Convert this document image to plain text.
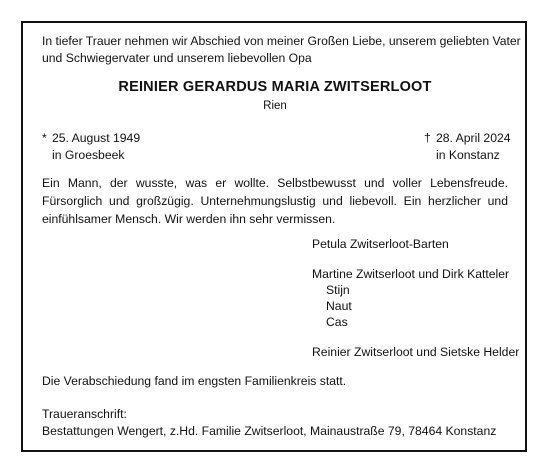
In tiefer Trauer nehmen wir Abschied von meiner Großen Liebe, unserem geliebten Vater
und Schwiegervater und unserem liebevollen Opa
REINIER GERARDUS MARIA ZWITSERLOOT
Rien
* 25. August 1949
in Groesbeek
† 28. April 2024
in Konstanz
Ein Mann, der wusste, was er wollte. Selbstbewusst und voller Lebensfreude. Fürsorglich und großzügig. Unternehmungslustig und liebevoll. Ein herzlicher und einfühlsamer Mensch. Wir werden ihn sehr vermissen.
Petula Zwitserloot-Barten
Martine Zwitserloot und Dirk Katteler
Stijn
Naut
Cas
Reinier Zwitserloot und Sietske Helder
Die Verabschiedung fand im engsten Familienkreis statt.
Traueranschrift:
Bestattungen Wengert, z.Hd. Familie Zwitserloot, Mainaustraße 79, 78464 Konstanz
